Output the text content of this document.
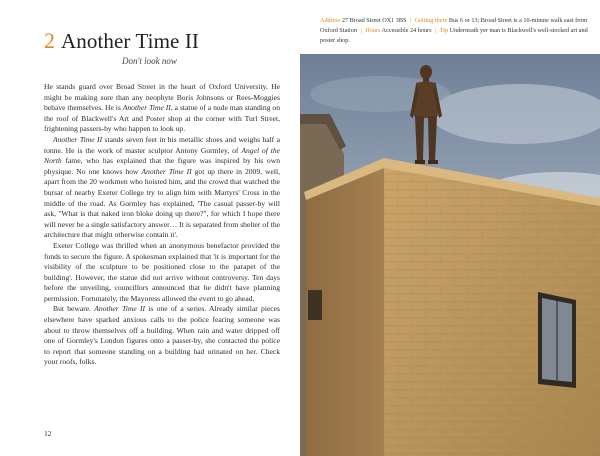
2 Another Time II
Don't look now

He stands guard over Broad Street in the heart of Oxford University. He might be making sure than any neophyte Boris Johnsons or Rees-Moggies behave themselves. He is Another Time II, a statue of a nude man standing on the roof of Blackwell's Art and Poster shop at the corner with Turl Street, frightening passers-by who happen to look up.

Another Time II stands seven feet in his metallic shoes and weighs half a tonne. He is the work of master sculptor Antony Gormley, of Angel of the North fame, who has explained that the figure was inspired by his own physique. No one knows how Another Time II got up there in 2009, well, apart from the 20 workmen who hoisted him, and the crowd that watched the bursar of nearby Exeter College try to align him with Martyrs' Cross in the middle of the road. As Gormley has explained, 'The casual passer-by will ask, "What is that naked iron bloke doing up there?", for which I hope there will never be a single satisfactory answer… It is separated from shelter of the architecture that might otherwise contain it'.

Exeter College was thrilled when an anonymous benefactor provided the funds to secure the figure. A spokesman explained that 'it is important for the visibility of the sculpture to be positioned close to the parapet of the building'. However, the statue did not arrive without controversy. Ten days before the unveiling, councillors announced that he didn't have planning permission. Fortunately, the Mayoress allowed the event to go ahead.

But beware. Another Time II is one of a series. Already similar pieces elsewhere have sparked anxious calls to the police fearing someone was about to throw themselves off a building. When rain and water dripped off one of Gormley's London figures onto a passer-by, she contacted the police to report that someone standing on a building had urinated on her. Check your roofs, folks.

12
Address 27 Broad Street OX1 3BS | Getting there Bus 6 or 13; Broad Street is a 10-minute walk east from Oxford Station | Hours Accessible 24 hours | Tip Underneath yer man is Blackwell's well-stocked art and poster shop.
